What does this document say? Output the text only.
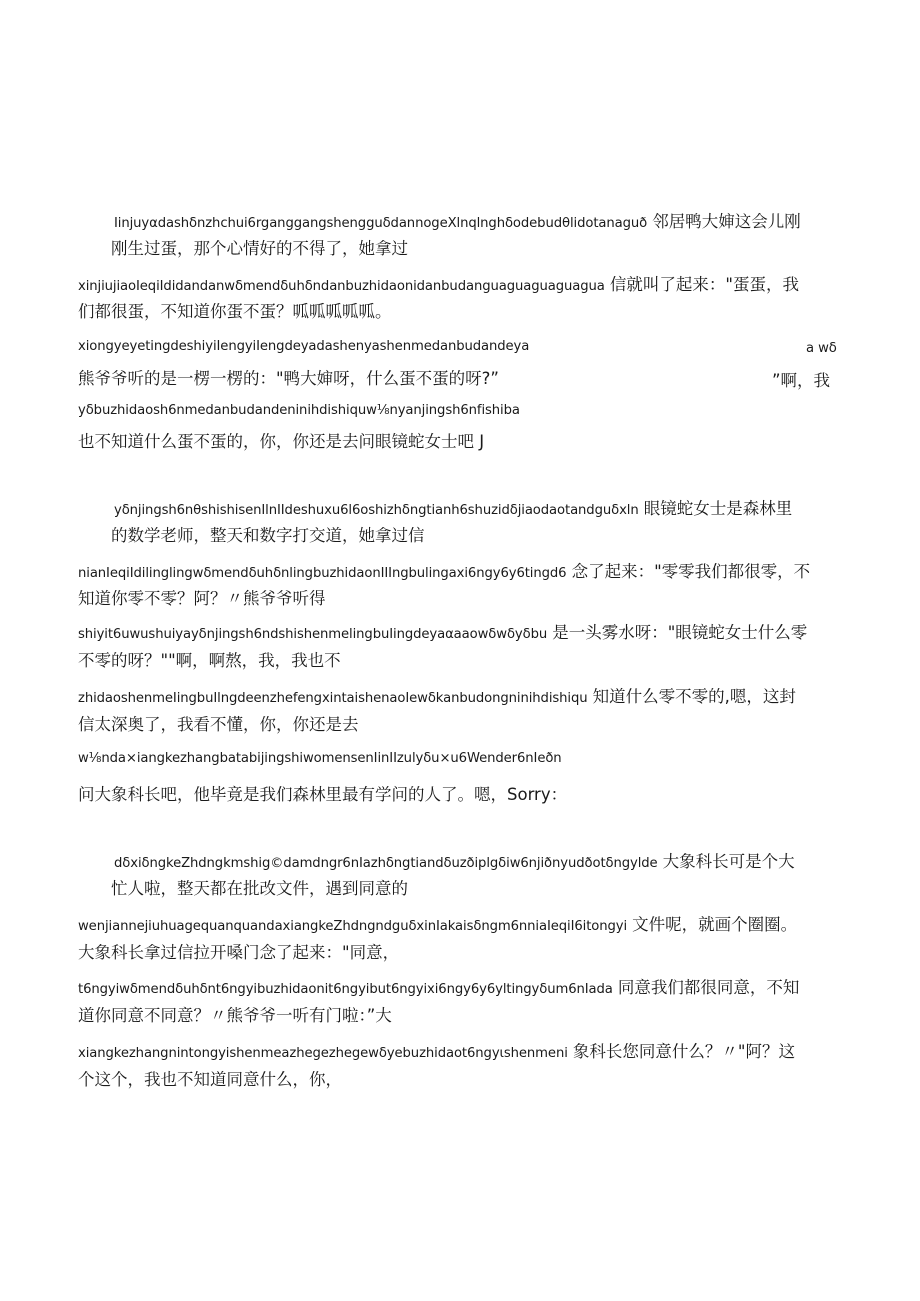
Iinjuyαdashδnzhchui6rganggangshengguδdannogeXlnqlnghδodebudθlidotanaguð 邻居鸭大婶这会儿刚
刚生过蛋，那个心情好的不得了，她拿过
xinjiujiaoIeqiIdidandanwδmendδuhδndanbuzhidaonidanbudanguaguaguaguagua 信就叫了起来："蛋蛋，我
们都很蛋，不知道你蛋不蛋？呱呱呱呱呱。
xiongyeyetingdeshiyiIengyiIengdeyadashenyashenmedanbudandeya	a wδ
熊爷爷听的是一楞一楞的："鸭大婶呀，什么蛋不蛋的呀?”	”啊，我
yδbuzhidaosh6nmedanbudandeninihdishiquw⅛nyanjingsh6nfishiba
也不知道什么蛋不蛋的，你，你还是去问眼镜蛇女士吧 J
yδnjingsh6nθshishisenIlnIIdeshuxu6l6oshizhδngtianh6shuzidδjiaodaotandguδxln 眼镜蛇女士是森林里
的数学老师，整天和数字打交道，她拿过信
nianIeqiIdilinglingwδmendδuhδnlingbuzhidaonIIIngbulingaxi6ngy6y6tingd6 念了起来："零零我们都很零，不
知道你零不零？阿？〃熊爷爷听得
shiyit6uwushuiyayδnjingsh6ndshishenmelingbuIingdeyaαaaowδwδyδbu 是一头雾水呀："眼镜蛇女士什么零
不零的呀？""啊，啊熬，我，我也不
zhidaoshenmeIingbuIlngdeenzhefengxintaishenaoIewδkanbudongninihdishiqu 知道什么零不零的,嗯，这封
信太深奥了，我看不懂，你，你还是去
w⅛nda×iangkezhangbatabijingshiwomensenIinIIzulyδu×u6Wender6nIeðn
问大象科长吧，他毕竟是我们森林里最有学问的人了。嗯，Sorry：
dδxiδngkeZhdngkmshig©damdngr6nIazhδngtiandδuzðiplgδiw6njiðnyudðotδngylde 大象科长可是个大
忙人啦，整天都在批改文件，遇到同意的
wenjiannejiuhuagequanquandaxiangkeZhdngndguδxinIakaisδngm6nniaIeqiI6itongyi 文件呢，就画个圈圈。
大象科长拿过信拉开嗓门念了起来："同意，
t6ngyiwδmendδuhδnt6ngyibuzhidaonit6ngyibut6ngyixi6ngy6y6yltingyδum6nIada 同意我们都很同意，不知
道你同意不同意？〃熊爷爷一听有门啦：”大
xiangkezhangnintongyishenmeazhegezhegewδyebuzhidaot6ngyιshenmeni 象科长您同意什么？〃"阿？这
个这个，我也不知道同意什么，你，
